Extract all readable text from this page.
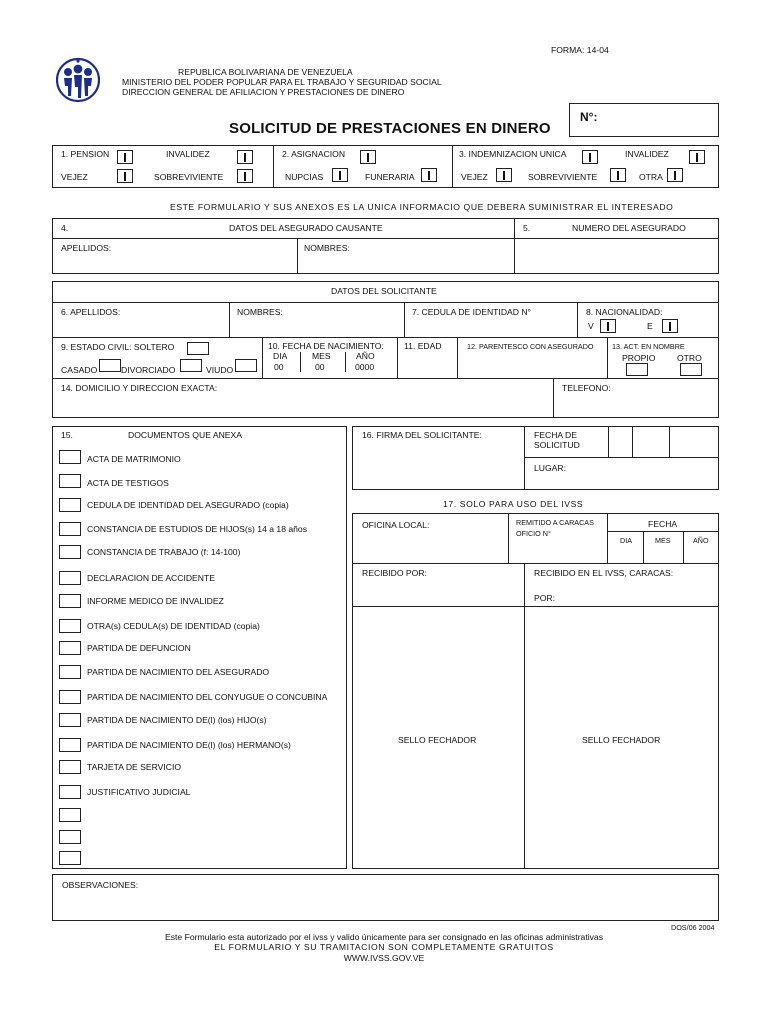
FORMA: 14-04
REPUBLICA BOLIVARIANA DE VENEZUELA
MINISTERIO DEL PODER POPULAR PARA EL TRABAJO Y SEGURIDAD SOCIAL
DIRECCION GENERAL DE AFILIACION Y PRESTACIONES DE DINERO
SOLICITUD DE PRESTACIONES EN DINERO
N°:
1. PENSION	INVALIDEZ
VEJEZ	SOBREVIVIENTE
2. ASIGNACION
NUPCIAS	FUNERARIA
3. INDEMNIZACION UNICA	INVALIDEZ
VEJEZ	SOBREVIVIENTE	OTRA
ESTE FORMULARIO Y SUS ANEXOS ES LA UNICA INFORMACIO QUE DEBERA SUMINISTRAR EL INTERESADO
4.	DATOS DEL ASEGURADO CAUSANTE	5.	NUMERO DEL ASEGURADO
APELLIDOS:	NOMBRES:
DATOS DEL SOLICITANTE
6. APELLIDOS:	NOMBRES:	7. CEDULA DE IDENTIDAD N°	8. NACIONALIDAD:
V	E
9. ESTADO CIVIL: SOLTERO
CASADO	DIVORCIADO	VIUDO
10. FECHA DE NACIMIENTO:
DIA	MES	AÑO
00	00	0000
11. EDAD	12. PARENTESCO CON ASEGURADO	13. ACT. EN NOMBRE
PROPIO	OTRO
14. DOMICILIO Y DIRECCION EXACTA:	TELEFONO:
15.	DOCUMENTOS QUE ANEXA
ACTA DE MATRIMONIO
ACTA DE TESTIGOS
CEDULA DE IDENTIDAD DEL ASEGURADO (copia)
CONSTANCIA DE ESTUDIOS DE HIJOS(s) 14 a 18 años
CONSTANCIA DE TRABAJO (f: 14-100)
DECLARACION DE ACCIDENTE
INFORME MEDICO DE INVALIDEZ
OTRA(s) CEDULA(s) DE IDENTIDAD (copia)
PARTIDA DE DEFUNCION
PARTIDA DE NACIMIENTO DEL ASEGURADO
PARTIDA DE NACIMIENTO DEL CONYUGUE O CONCUBINA
PARTIDA DE NACIMIENTO DE(l) (los) HIJO(s)
PARTIDA DE NACIMIENTO DE(l) (los) HERMANO(s)
TARJETA DE SERVICIO
JUSTIFICATIVO JUDICIAL
16. FIRMA DEL SOLICITANTE:	FECHA DE
SOLICITUD
LUGAR:
17. SOLO PARA USO DEL IVSS
OFICINA LOCAL:	REMITIDO A CARACAS
OFICIO N°
FECHA
DIA	MES	AÑO
RECIBIDO POR:	RECIBIDO EN EL IVSS, CARACAS:
POR:
SELLO FECHADOR	SELLO FECHADOR
OBSERVACIONES:
DOS/06 2004
Este Formulario esta autorizado por el ivss y valido únicamente para ser consignado en las oficinas administrativas
EL FORMULARIO Y SU TRAMITACION SON COMPLETAMENTE GRATUITOS
WWW.IVSS.GOV.VE
